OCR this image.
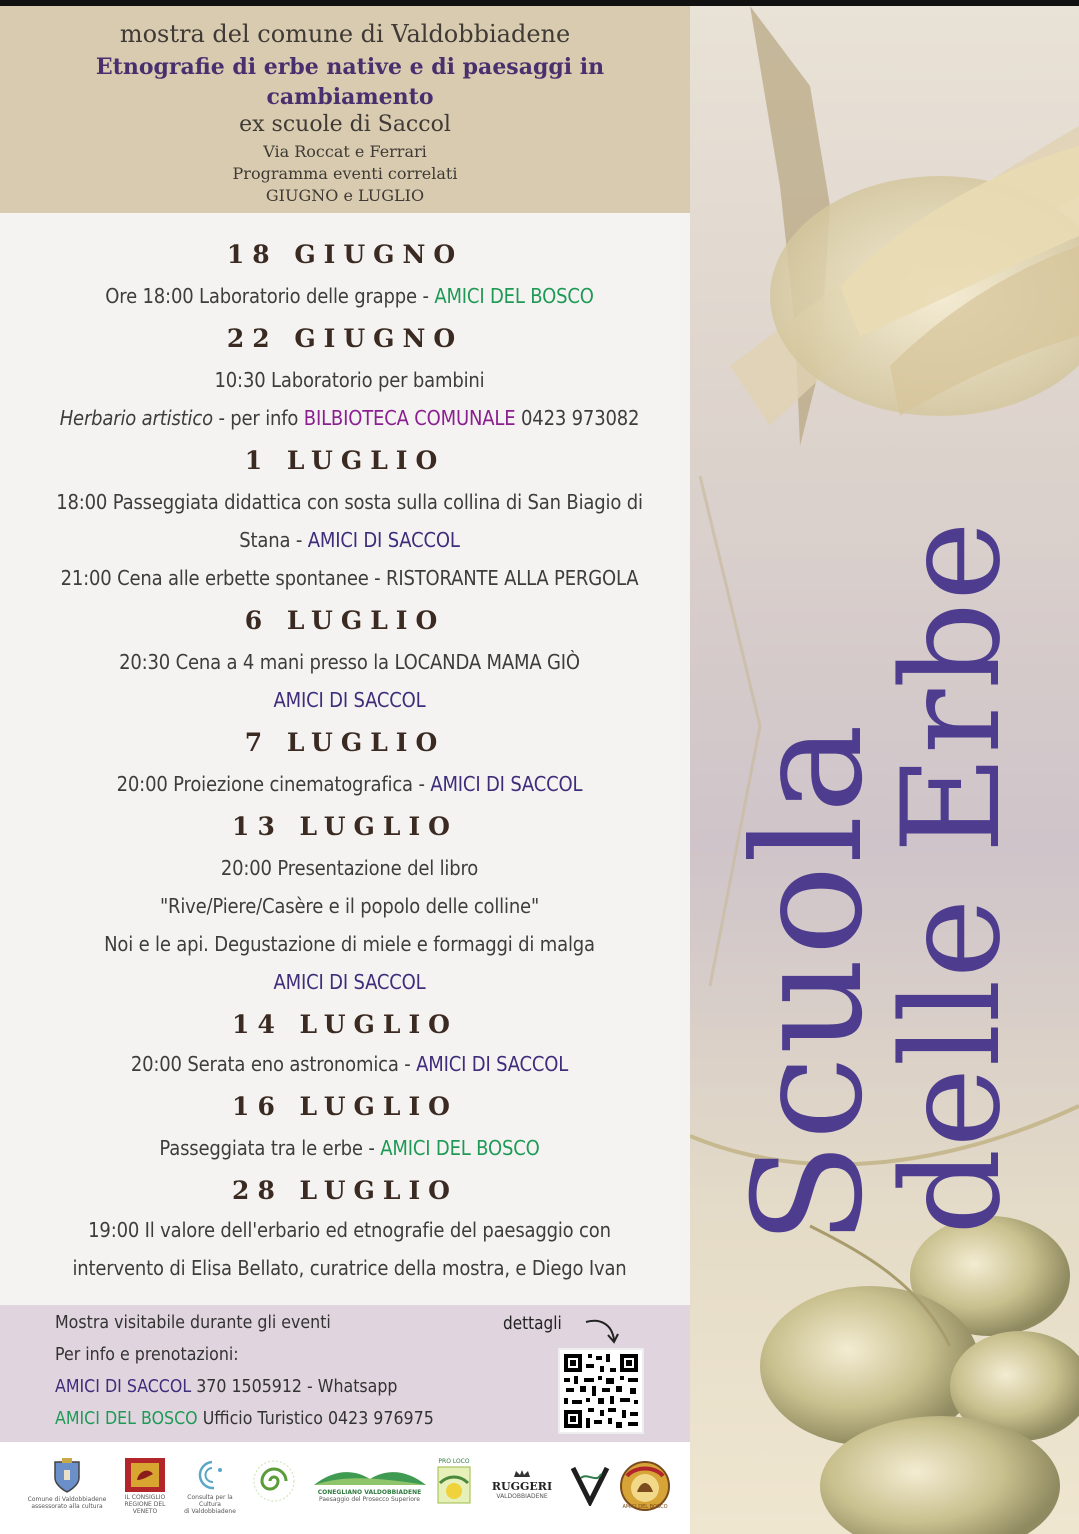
Scuola
delle Erbe
mostra del comune di Valdobbiadene
Etnografie di erbe native e di paesaggi in cambiamento
ex scuole di Saccol
Via Roccat e Ferrari
Programma eventi correlati
GIUGNO e LUGLIO
18 GIUGNO
Ore 18:00 Laboratorio delle grappe - AMICI DEL BOSCO
22 GIUGNO
10:30 Laboratorio per bambini
Herbario artistico - per info BILBIOTECA COMUNALE 0423 973082
1 LUGLIO
18:00 Passeggiata didattica con sosta sulla collina di San Biagio di
Stana - AMICI DI SACCOL
21:00 Cena alle erbette spontanee - RISTORANTE ALLA PERGOLA
6 LUGLIO
20:30 Cena a 4 mani presso la LOCANDA MAMA GIÒ
AMICI DI SACCOL
7 LUGLIO
20:00 Proiezione cinematografica - AMICI DI SACCOL
13 LUGLIO
20:00 Presentazione del libro
"Rive/Piere/Casère e il popolo delle colline"
Noi e le api. Degustazione di miele e formaggi di malga
AMICI DI SACCOL
14 LUGLIO
20:00 Serata eno astronomica - AMICI DI SACCOL
16 LUGLIO
Passeggiata tra le erbe - AMICI DEL BOSCO
28 LUGLIO
19:00 Il valore dell'erbario ed etnografie del paesaggio con
intervento di Elisa Bellato, curatrice della mostra, e Diego Ivan
Mostra visitabile durante gli eventi
Per info e prenotazioni:
AMICI DI SACCOL 370 1505912 - Whatsapp
AMICI DEL BOSCO Ufficio Turistico 0423 976975
dettagli
Comune di Valdobbiadene
assessorato alla cultura
IL CONSIGLIO
REGIONE DEL VENETO
Consulta per la Cultura
di Valdobbiadene
CONEGLIANO VALDOBBIADENE
Paesaggio del Prosecco Superiore
PRO LOCO
RUGGERI
VALDOBBIADENE
AMICI DEL BOSCO
